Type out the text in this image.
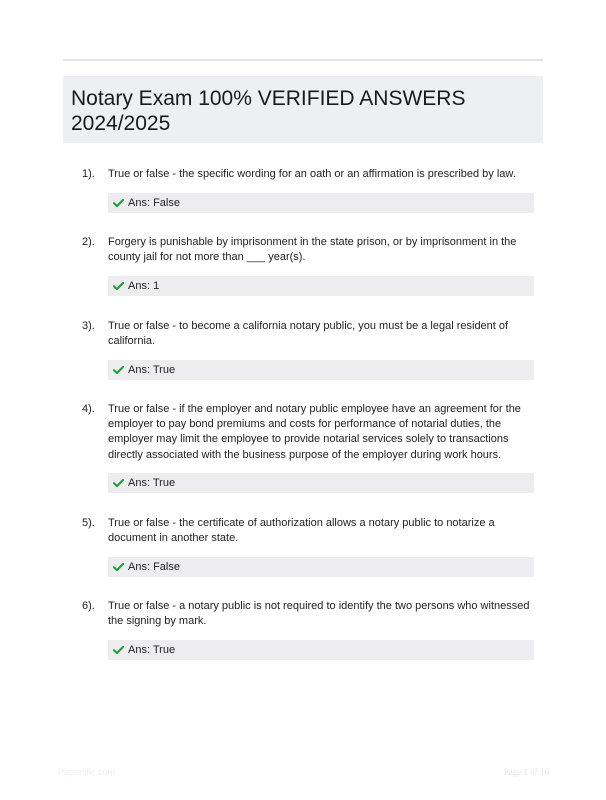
Notary Exam 100% VERIFIED ANSWERS
2024/2025
1). True or false - the specific wording for an oath or an affirmation is prescribed by law.
Ans: False
2). Forgery is punishable by imprisonment in the state prison, or by imprisonment in the county jail for not more than ___ year(s).
Ans: 1
3). True or false - to become a california notary public, you must be a legal resident of california.
Ans: True
4). True or false - if the employer and notary public employee have an agreement for the employer to pay bond premiums and costs for performance of notarial duties, the employer may limit the employee to provide notarial services solely to transactions directly associated with the business purpose of the employer during work hours.
Ans: True
5). True or false - the certificate of authorization allows a notary public to notarize a document in another state.
Ans: False
6). True or false - a notary public is not required to identify the two persons who witnessed the signing by mark.
Ans: True
Papertific.com	Page 1 of 16
